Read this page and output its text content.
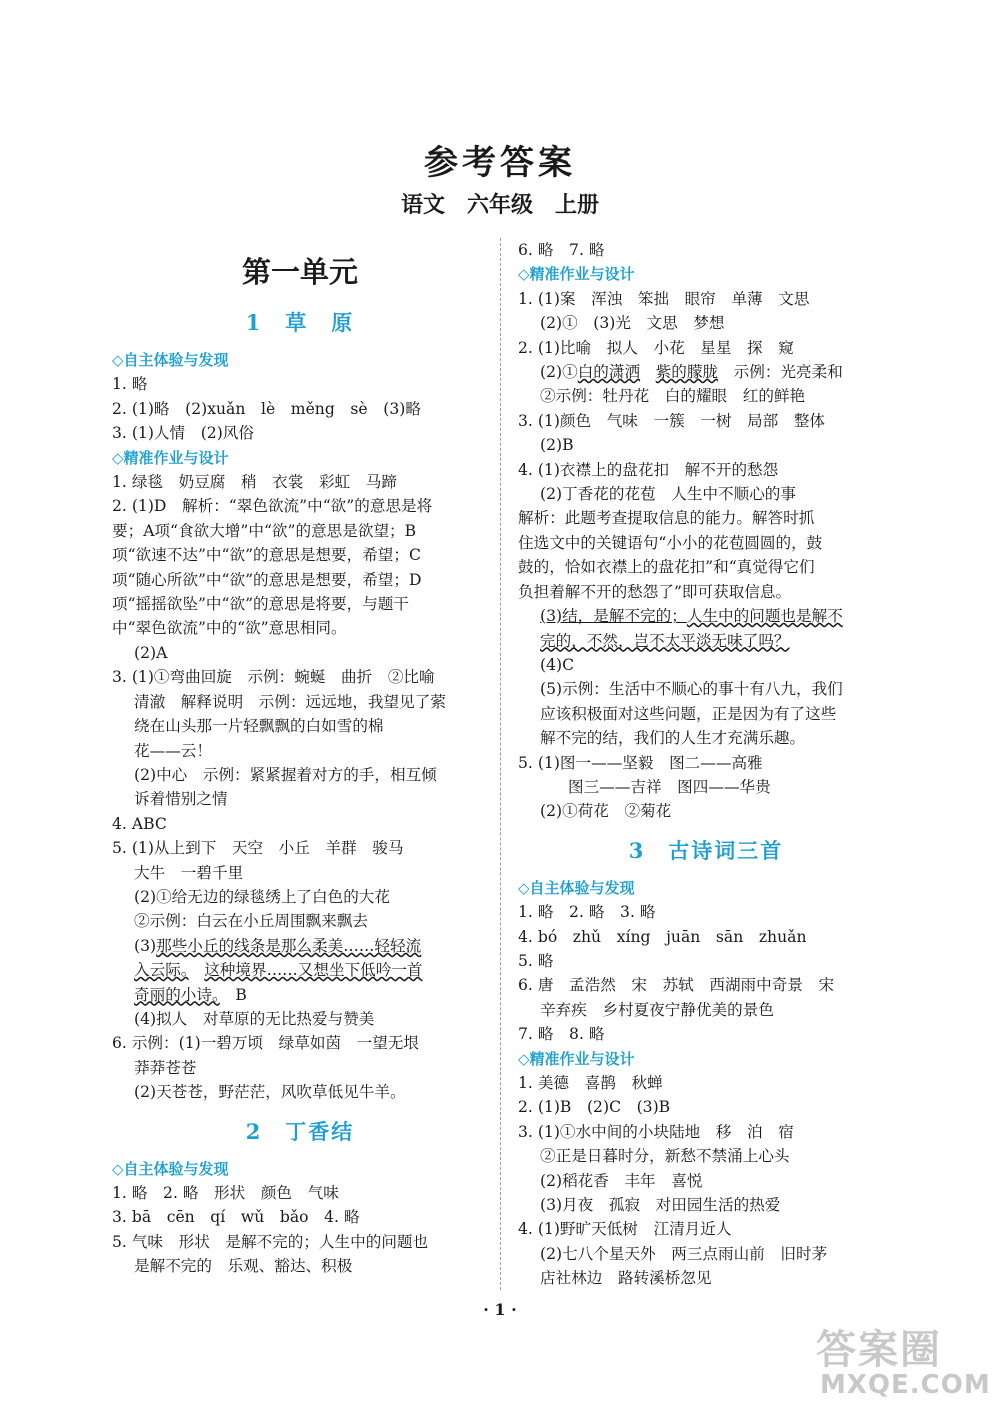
参考答案
语文　六年级　上册
第一单元
1　草　原
◇自主体验与发现
1. 略
2. (1)略　(2)xuǎn　lè　měng　sè　(3)略
3. (1)人情　(2)风俗
◇精准作业与设计
1. 绿毯　奶豆腐　稍　衣裳　彩虹　马蹄
2. (1)D　解析：“翠色欲流”中“欲”的意思是将
要；A项“食欲大增”中“欲”的意思是欲望；B
项“欲速不达”中“欲”的意思是想要，希望；C
项“随心所欲”中“欲”的意思是想要，希望；D
项“摇摇欲坠”中“欲”的意思是将要，与题干
中“翠色欲流”中的“欲”意思相同。
(2)A
3. (1)①弯曲回旋　示例：蜿蜒　曲折　②比喻
清澈　解释说明　示例：远远地，我望见了萦
绕在山头那一片轻飘飘的白如雪的棉
花——云！
(2)中心　示例：紧紧握着对方的手，相互倾
诉着惜别之情
4. ABC
5. (1)从上到下　天空　小丘　羊群　骏马
大牛　一碧千里
(2)①给无边的绿毯绣上了白色的大花
②示例：白云在小丘周围飘来飘去
(3)那些小丘的线条是那么柔美……轻轻流
入云际。　 这种境界……又想坐下低吟一首
奇丽的小诗。　B
(4)拟人　对草原的无比热爱与赞美
6. 示例：(1)一碧万顷　绿草如茵　一望无垠
莽莽苍苍
(2)天苍苍，野茫茫，风吹草低见牛羊。
2　丁香结
◇自主体验与发现
1. 略　2. 略　形状　颜色　气味
3. bā　cēn　qí　wǔ　bǎo　4. 略
5. 气味　形状　是解不完的；人生中的问题也
是解不完的　乐观、豁达、积极
6. 略　7. 略
◇精准作业与设计
1. (1)案　浑浊　笨拙　眼帘　单薄　文思
(2)①　(3)光　文思　梦想
2. (1)比喻　拟人　小花　星星　探　窥
(2)①白的潇洒　 紫的朦胧　示例：光亮柔和
②示例：牡丹花　白的耀眼　红的鲜艳
3. (1)颜色　气味　一簇　一树　局部　整体
(2)B
4. (1)衣襟上的盘花扣　解不开的愁怨
(2)丁香花的花苞　人生中不顺心的事
解析：此题考查提取信息的能力。解答时抓
住选文中的关键语句“小小的花苞圆圆的，鼓
鼓的，恰如衣襟上的盘花扣”和“真觉得它们
负担着解不开的愁怨了”即可获取信息。
(3)结，是解不完的；人生中的问题也是解不
完的，不然，岂不太平淡无味了吗？
(4)C
(5)示例：生活中不顺心的事十有八九，我们
应该积极面对这些问题，正是因为有了这些
解不完的结，我们的人生才充满乐趣。
5. (1)图一——坚毅　图二——高雅
图三——吉祥　图四——华贵
(2)①荷花　②菊花
3　古诗词三首
◇自主体验与发现
1. 略　2. 略　3. 略
4. bó　zhǔ　xíng　juān　sān　zhuǎn
5. 略
6. 唐　孟浩然　宋　苏轼　西湖雨中奇景　宋
辛弃疾　乡村夏夜宁静优美的景色
7. 略　8. 略
◇精准作业与设计
1. 美德　喜鹊　秋蝉
2. (1)B　(2)C　(3)B
3. (1)①水中间的小块陆地　移　泊　宿
②正是日暮时分，新愁不禁涌上心头
(2)稻花香　丰年　喜悦
(3)月夜　孤寂　对田园生活的热爱
4. (1)野旷天低树　江清月近人
(2)七八个星天外　两三点雨山前　旧时茅
店社林边　路转溪桥忽见
· 1 ·
答案圈
MXQE.COM
